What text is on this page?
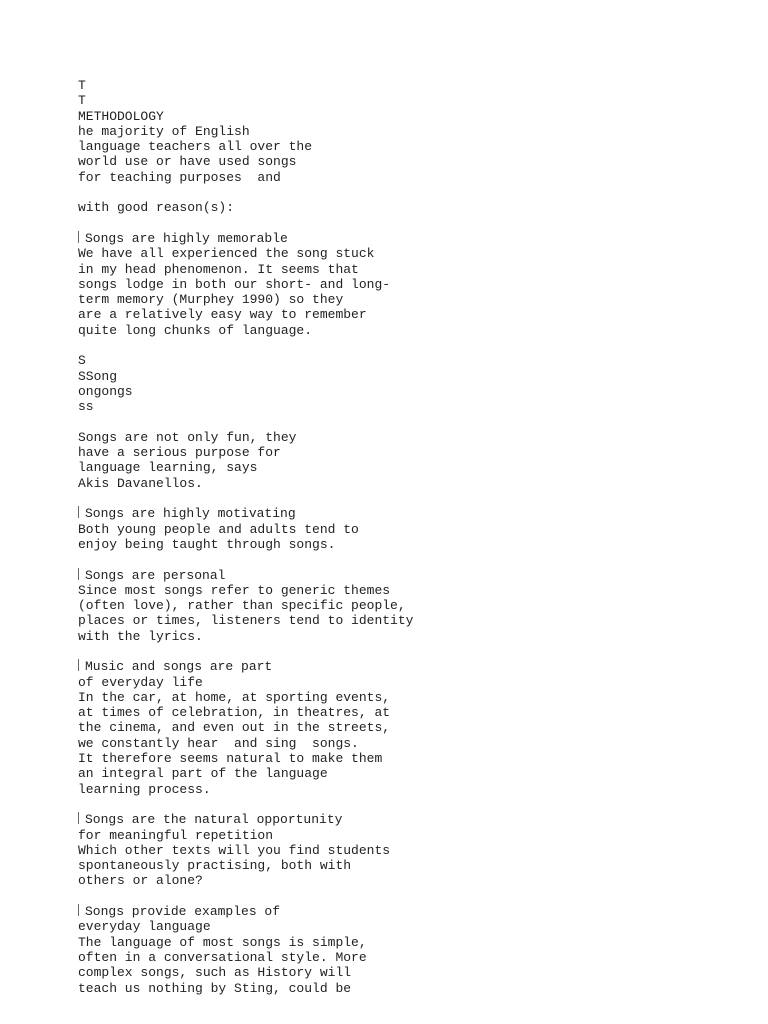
T
T
METHODOLOGY
he majority of English
language teachers all over the
world use or have used songs
for teaching purposes  and
with good reason(s):
Songs are highly memorable
We have all experienced the song stuck
in my head phenomenon. It seems that
songs lodge in both our short- and long-
term memory (Murphey 1990) so they
are a relatively easy way to remember
quite long chunks of language.
S
SSong
ongongs
ss
Songs are not only fun, they
have a serious purpose for
language learning, says
Akis Davanellos.
Songs are highly motivating
Both young people and adults tend to
enjoy being taught through songs.
Songs are personal
Since most songs refer to generic themes
(often love), rather than specific people,
places or times, listeners tend to identity
with the lyrics.
Music and songs are part
of everyday life
In the car, at home, at sporting events,
at times of celebration, in theatres, at
the cinema, and even out in the streets,
we constantly hear  and sing  songs.
It therefore seems natural to make them
an integral part of the language
learning process.
Songs are the natural opportunity
for meaningful repetition
Which other texts will you find students
spontaneously practising, both with
others or alone?
Songs provide examples of
everyday language
The language of most songs is simple,
often in a conversational style. More
complex songs, such as History will
teach us nothing by Sting, could be
